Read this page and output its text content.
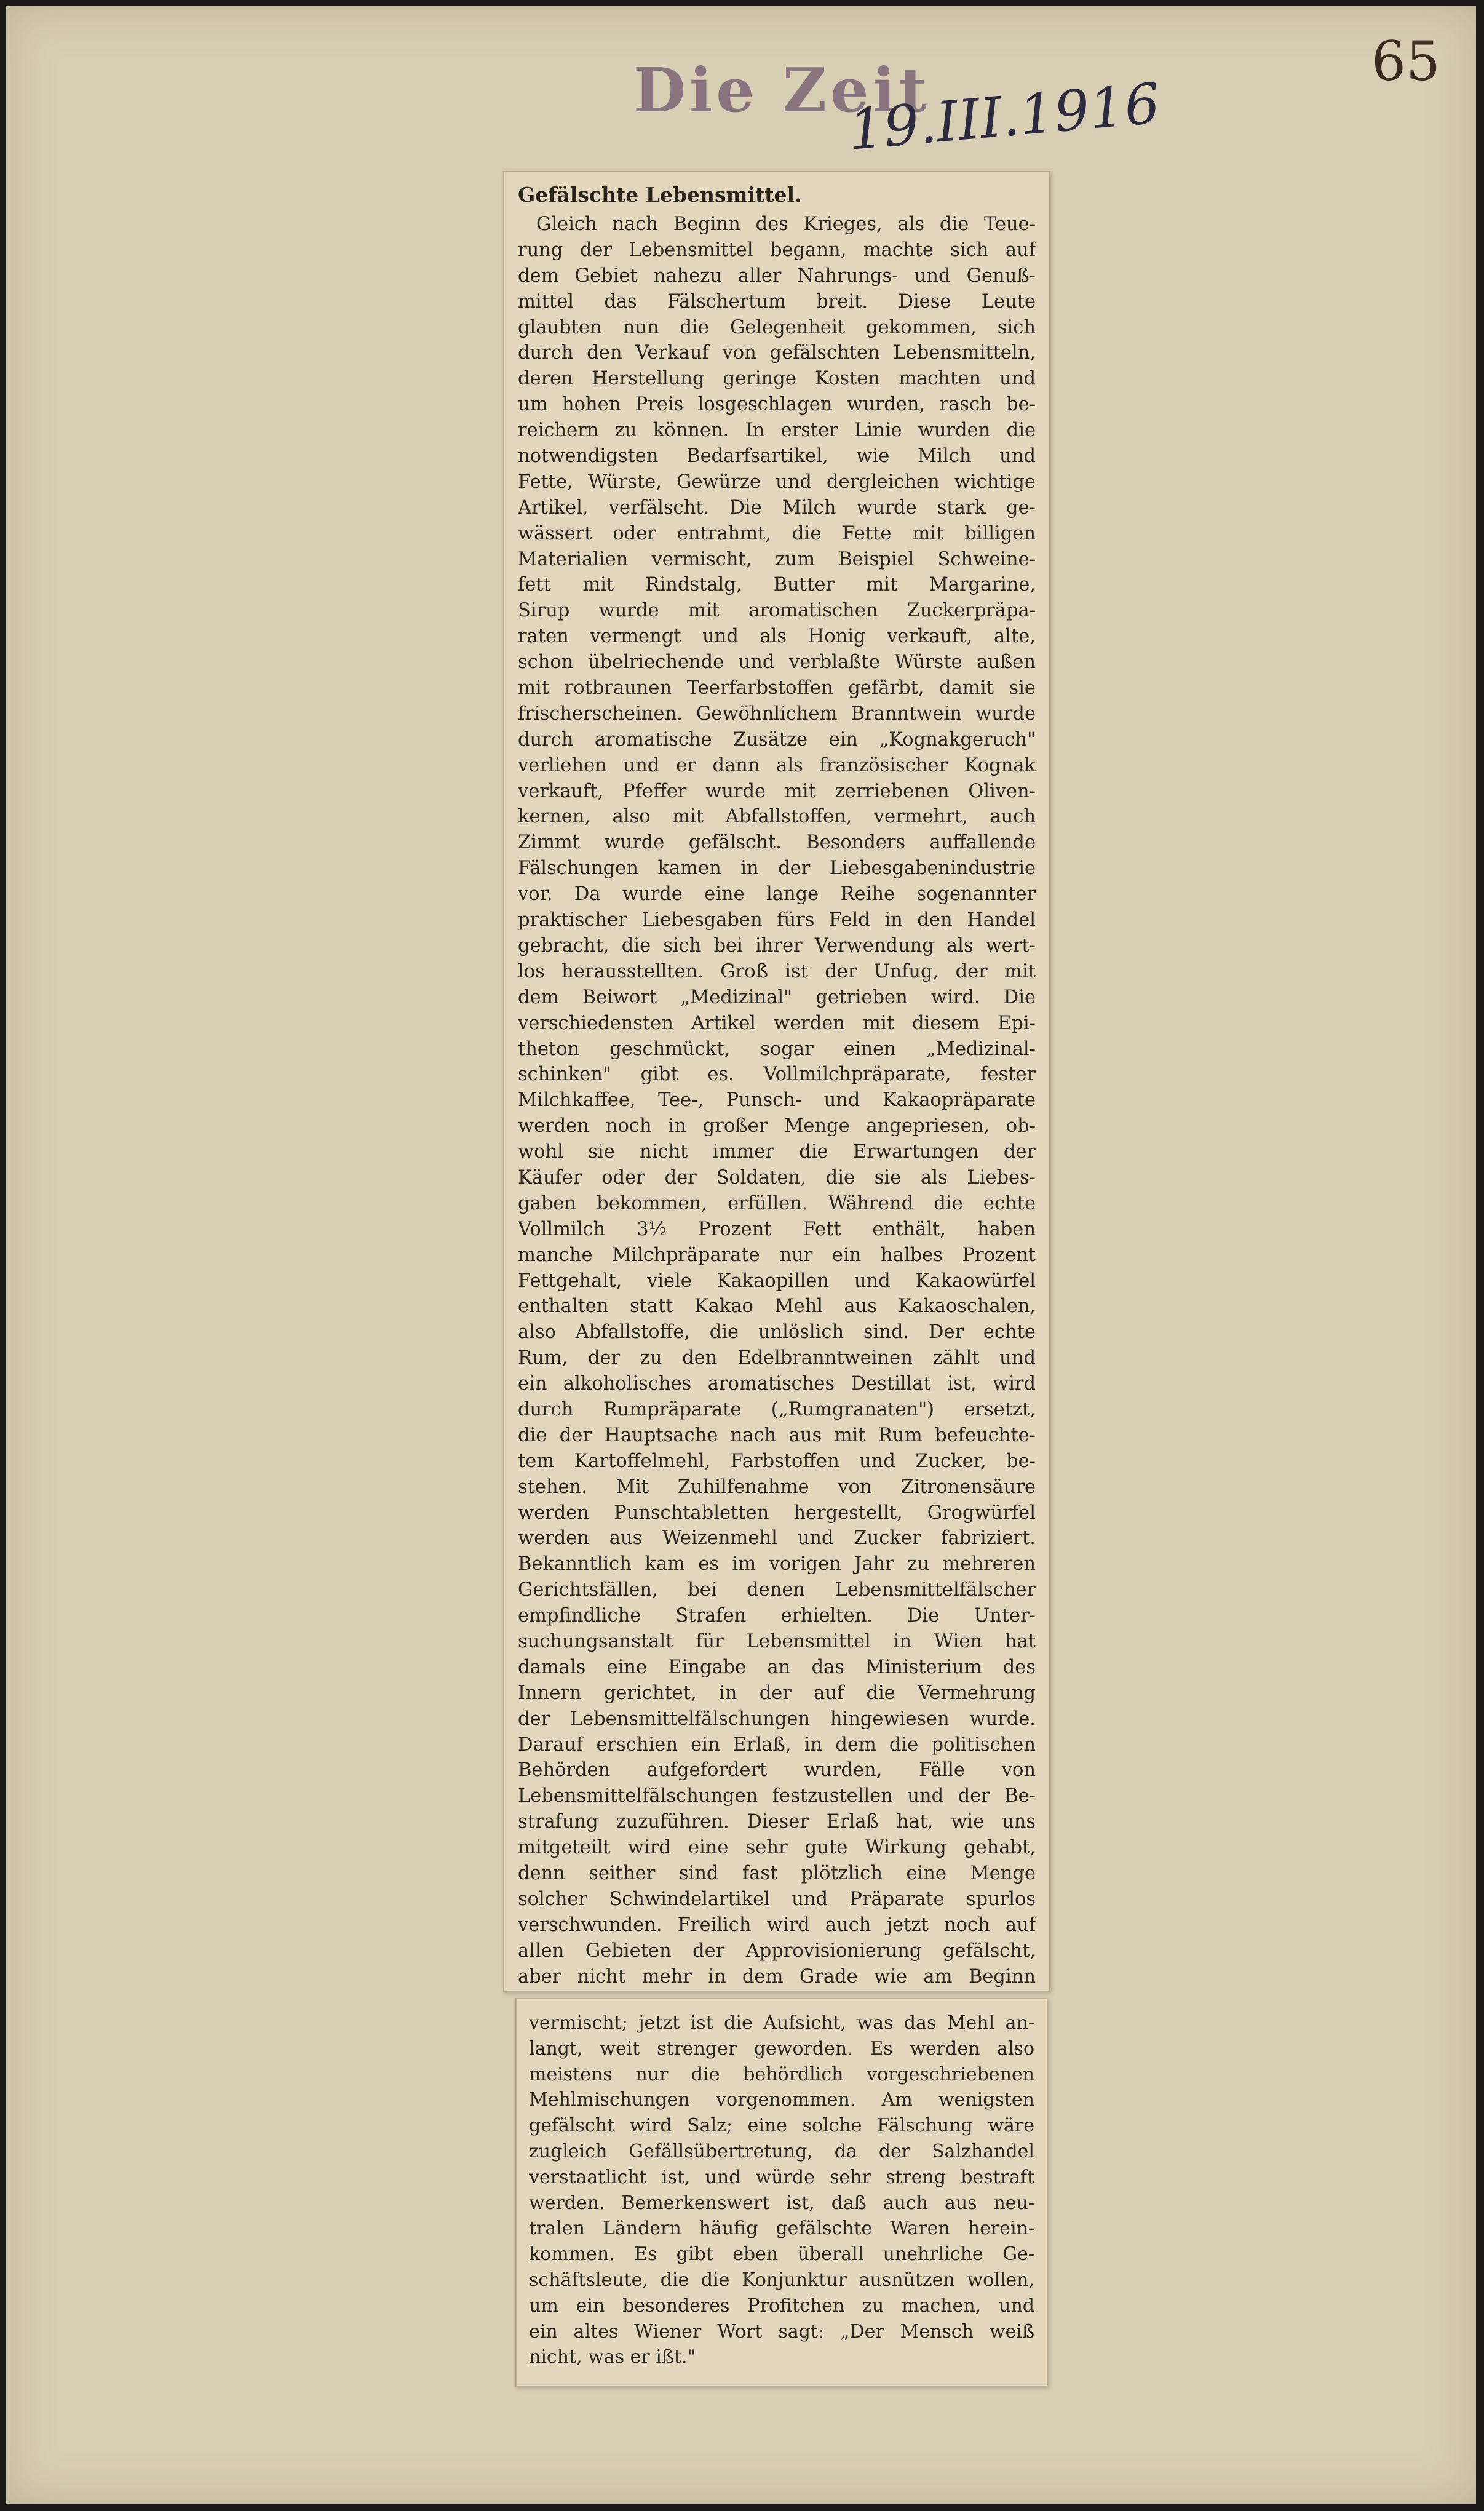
65
Die Zeit
19.III.1916
Gefälschte Lebensmittel.
Gleich nach Beginn des Krieges, als die Teue-
rung der Lebensmittel begann, machte sich auf
dem Gebiet nahezu aller Nahrungs- und Genuß-
mittel das Fälschertum breit. Diese Leute
glaubten nun die Gelegenheit gekommen, sich
durch den Verkauf von gefälschten Lebensmitteln,
deren Herstellung geringe Kosten machten und
um hohen Preis losgeschlagen wurden, rasch be-
reichern zu können. In erster Linie wurden die
notwendigsten Bedarfsartikel, wie Milch und
Fette, Würste, Gewürze und dergleichen wichtige
Artikel, verfälscht. Die Milch wurde stark ge-
wässert oder entrahmt, die Fette mit billigen
Materialien vermischt, zum Beispiel Schweine-
fett mit Rindstalg, Butter mit Margarine,
Sirup wurde mit aromatischen Zuckerpräpa-
raten vermengt und als Honig verkauft, alte,
schon übelriechende und verblaßte Würste außen
mit rotbraunen Teerfarbstoffen gefärbt, damit sie
frischerscheinen. Gewöhnlichem Branntwein wurde
durch aromatische Zusätze ein „Kognakgeruch"
verliehen und er dann als französischer Kognak
verkauft, Pfeffer wurde mit zerriebenen Oliven-
kernen, also mit Abfallstoffen, vermehrt, auch
Zimmt wurde gefälscht. Besonders auffallende
Fälschungen kamen in der Liebesgabenindustrie
vor. Da wurde eine lange Reihe sogenannter
praktischer Liebesgaben fürs Feld in den Handel
gebracht, die sich bei ihrer Verwendung als wert-
los herausstellten. Groß ist der Unfug, der mit
dem Beiwort „Medizinal" getrieben wird. Die
verschiedensten Artikel werden mit diesem Epi-
theton geschmückt, sogar einen „Medizinal-
schinken" gibt es. Vollmilchpräparate, fester
Milchkaffee, Tee-, Punsch- und Kakaopräparate
werden noch in großer Menge angepriesen, ob-
wohl sie nicht immer die Erwartungen der
Käufer oder der Soldaten, die sie als Liebes-
gaben bekommen, erfüllen. Während die echte
Vollmilch 3½ Prozent Fett enthält, haben
manche Milchpräparate nur ein halbes Prozent
Fettgehalt, viele Kakaopillen und Kakaowürfel
enthalten statt Kakao Mehl aus Kakaoschalen,
also Abfallstoffe, die unlöslich sind. Der echte
Rum, der zu den Edelbranntweinen zählt und
ein alkoholisches aromatisches Destillat ist, wird
durch Rumpräparate („Rumgranaten") ersetzt,
die der Hauptsache nach aus mit Rum befeuchte-
tem Kartoffelmehl, Farbstoffen und Zucker, be-
stehen. Mit Zuhilfenahme von Zitronensäure
werden Punschtabletten hergestellt, Grogwürfel
werden aus Weizenmehl und Zucker fabriziert.
Bekanntlich kam es im vorigen Jahr zu mehreren
Gerichtsfällen, bei denen Lebensmittelfälscher
empfindliche Strafen erhielten. Die Unter-
suchungsanstalt für Lebensmittel in Wien hat
damals eine Eingabe an das Ministerium des
Innern gerichtet, in der auf die Vermehrung
der Lebensmittelfälschungen hingewiesen wurde.
Darauf erschien ein Erlaß, in dem die politischen
Behörden aufgefordert wurden, Fälle von
Lebensmittelfälschungen festzustellen und der Be-
strafung zuzuführen. Dieser Erlaß hat, wie uns
mitgeteilt wird eine sehr gute Wirkung gehabt,
denn seither sind fast plötzlich eine Menge
solcher Schwindelartikel und Präparate spurlos
verschwunden. Freilich wird auch jetzt noch auf
allen Gebieten der Approvisionierung gefälscht,
aber nicht mehr in dem Grade wie am Beginn
vermischt; jetzt ist die Aufsicht, was das Mehl an-
langt, weit strenger geworden. Es werden also
meistens nur die behördlich vorgeschriebenen
Mehlmischungen vorgenommen. Am wenigsten
gefälscht wird Salz; eine solche Fälschung wäre
zugleich Gefällsübertretung, da der Salzhandel
verstaatlicht ist, und würde sehr streng bestraft
werden. Bemerkenswert ist, daß auch aus neu-
tralen Ländern häufig gefälschte Waren herein-
kommen. Es gibt eben überall unehrliche Ge-
schäftsleute, die die Konjunktur ausnützen wollen,
um ein besonderes Profitchen zu machen, und
ein altes Wiener Wort sagt: „Der Mensch weiß
nicht, was er ißt."
